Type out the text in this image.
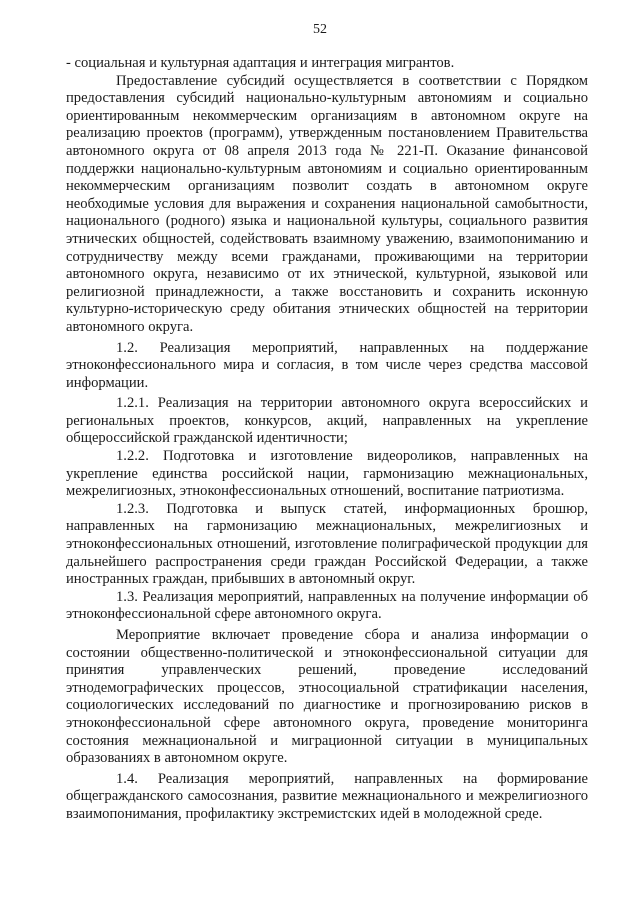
52

- социальная и культурная адаптация и интеграция мигрантов.

Предоставление субсидий осуществляется в соответствии с Порядком предоставления субсидий национально-культурным автономиям и социально ориентированным некоммерческим организациям в автономном округе на реализацию проектов (программ), утвержденным постановлением Правительства автономного округа от 08 апреля 2013 года № 221-П. Оказание финансовой поддержки национально-культурным автономиям и социально ориентированным некоммерческим организациям позволит создать в автономном округе необходимые условия для выражения и сохранения национальной самобытности, национального (родного) языка и национальной культуры, социального развития этнических общностей, содействовать взаимному уважению, взаимопониманию и сотрудничеству между всеми гражданами, проживающими на территории автономного округа, независимо от их этнической, культурной, языковой или религиозной принадлежности, а также восстановить и сохранить исконную культурно-историческую среду обитания этнических общностей на территории автономного округа.

1.2. Реализация мероприятий, направленных на поддержание этноконфессионального мира и согласия, в том числе через средства массовой информации.

1.2.1. Реализация на территории автономного округа всероссийских и региональных проектов, конкурсов, акций, направленных на укрепление общероссийской гражданской идентичности;

1.2.2. Подготовка и изготовление видеороликов, направленных на укрепление единства российской нации, гармонизацию межнациональных, межрелигиозных, этноконфессиональных отношений, воспитание патриотизма.

1.2.3. Подготовка и выпуск статей, информационных брошюр, направленных на гармонизацию межнациональных, межрелигиозных и этноконфессиональных отношений, изготовление полиграфической продукции для дальнейшего распространения среди граждан Российской Федерации, а также иностранных граждан, прибывших в автономный округ.

1.3. Реализация мероприятий, направленных на получение информации об этноконфессиональной сфере автономного округа.

Мероприятие включает проведение сбора и анализа информации о состоянии общественно-политической и этноконфессиональной ситуации для принятия управленческих решений, проведение исследований этнодемографических процессов, этносоциальной стратификации населения, социологических исследований по диагностике и прогнозированию рисков в этноконфессиональной сфере автономного округа, проведение мониторинга состояния межнациональной и миграционной ситуации в муниципальных образованиях в автономном округе.

1.4. Реализация мероприятий, направленных на формирование общегражданского самосознания, развитие межнационального и межрелигиозного взаимопонимания, профилактику экстремистских идей в молодежной среде.
